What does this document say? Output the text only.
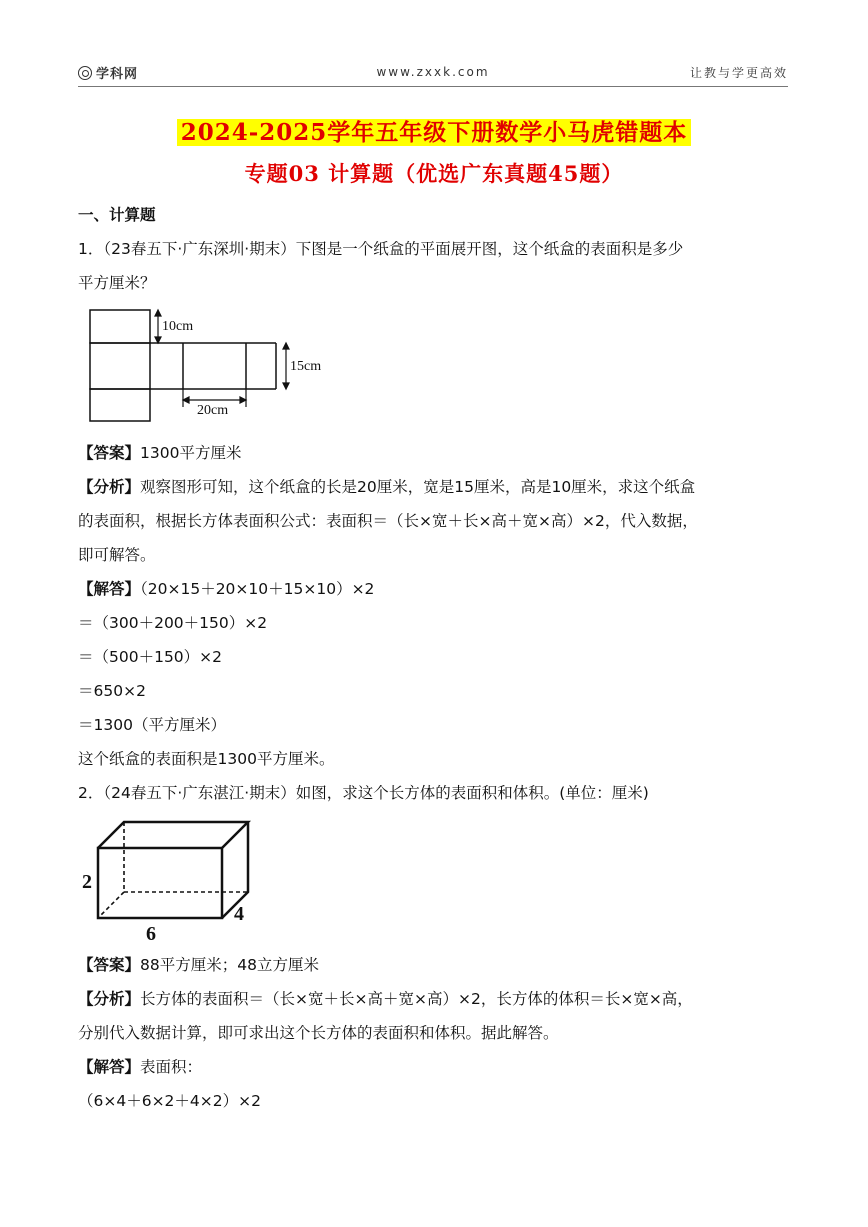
学科网	www.zxxk.com	让教与学更高效
2024-2025学年五年级下册数学小马虎错题本
专题03 计算题（优选广东真题45题）
一、计算题
1．（23春五下·广东深圳·期末）下图是一个纸盒的平面展开图，这个纸盒的表面积是多少
平方厘米？
10cm
15cm
20cm
【答案】1300平方厘米
【分析】观察图形可知，这个纸盒的长是20厘米，宽是15厘米，高是10厘米，求这个纸盒
的表面积，根据长方体表面积公式：表面积＝（长×宽＋长×高＋宽×高）×2，代入数据，
即可解答。
【解答】（20×15＋20×10＋15×10）×2
＝（300＋200＋150）×2
＝（500＋150）×2
＝650×2
＝1300（平方厘米）
这个纸盒的表面积是1300平方厘米。
2．（24春五下·广东湛江·期末）如图，求这个长方体的表面积和体积。(单位：厘米)
2
6
4
【答案】88平方厘米；48立方厘米
【分析】长方体的表面积＝（长×宽＋长×高＋宽×高）×2，长方体的体积＝长×宽×高，
分别代入数据计算，即可求出这个长方体的表面积和体积。据此解答。
【解答】表面积：
（6×4＋6×2＋4×2）×2
